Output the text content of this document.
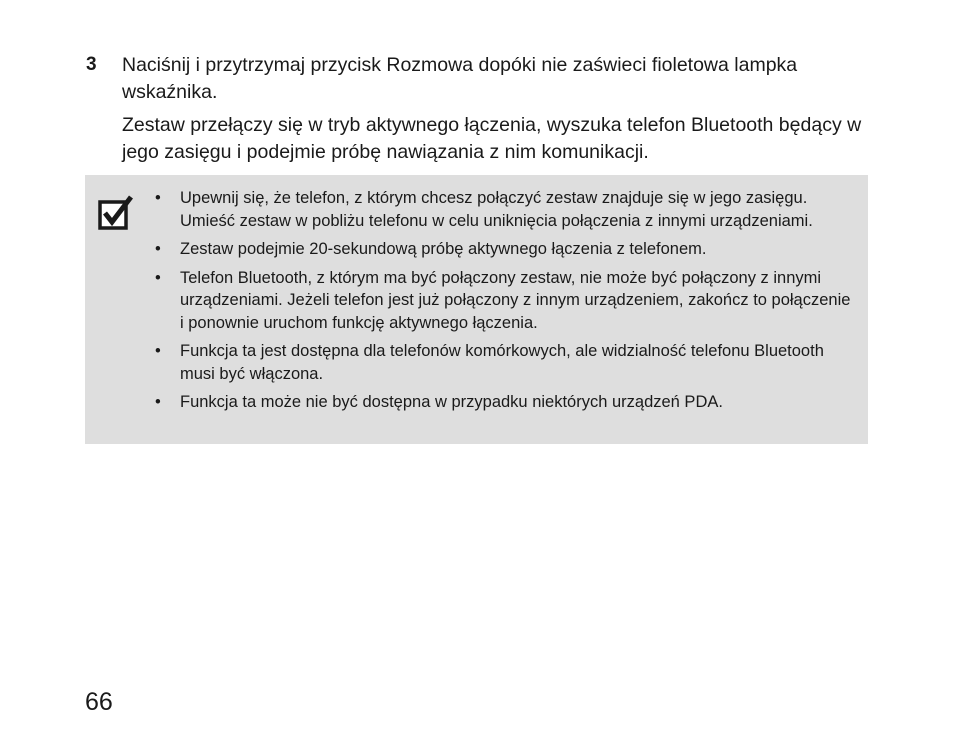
3 Naciśnij i przytrzymaj przycisk Rozmowa dopóki nie zaświeci fioletowa lampka wskaźnika.

Zestaw przełączy się w tryb aktywnego łączenia, wyszuka telefon Bluetooth będący w jego zasięgu i podejmie próbę nawiązania z nim komunikacji.

• Upewnij się, że telefon, z którym chcesz połączyć zestaw znajduje się w jego zasięgu. Umieść zestaw w pobliżu telefonu w celu uniknięcia połączenia z innymi urządzeniami.
• Zestaw podejmie 20-sekundową próbę aktywnego łączenia z telefonem.
• Telefon Bluetooth, z którym ma być połączony zestaw, nie może być połączony z innymi urządzeniami. Jeżeli telefon jest już połączony z innym urządzeniem, zakończ to połączenie i ponownie uruchom funkcję aktywnego łączenia.
• Funkcja ta jest dostępna dla telefonów komórkowych, ale widzialność telefonu Bluetooth musi być włączona.
• Funkcja ta może nie być dostępna w przypadku niektórych urządzeń PDA.
66
